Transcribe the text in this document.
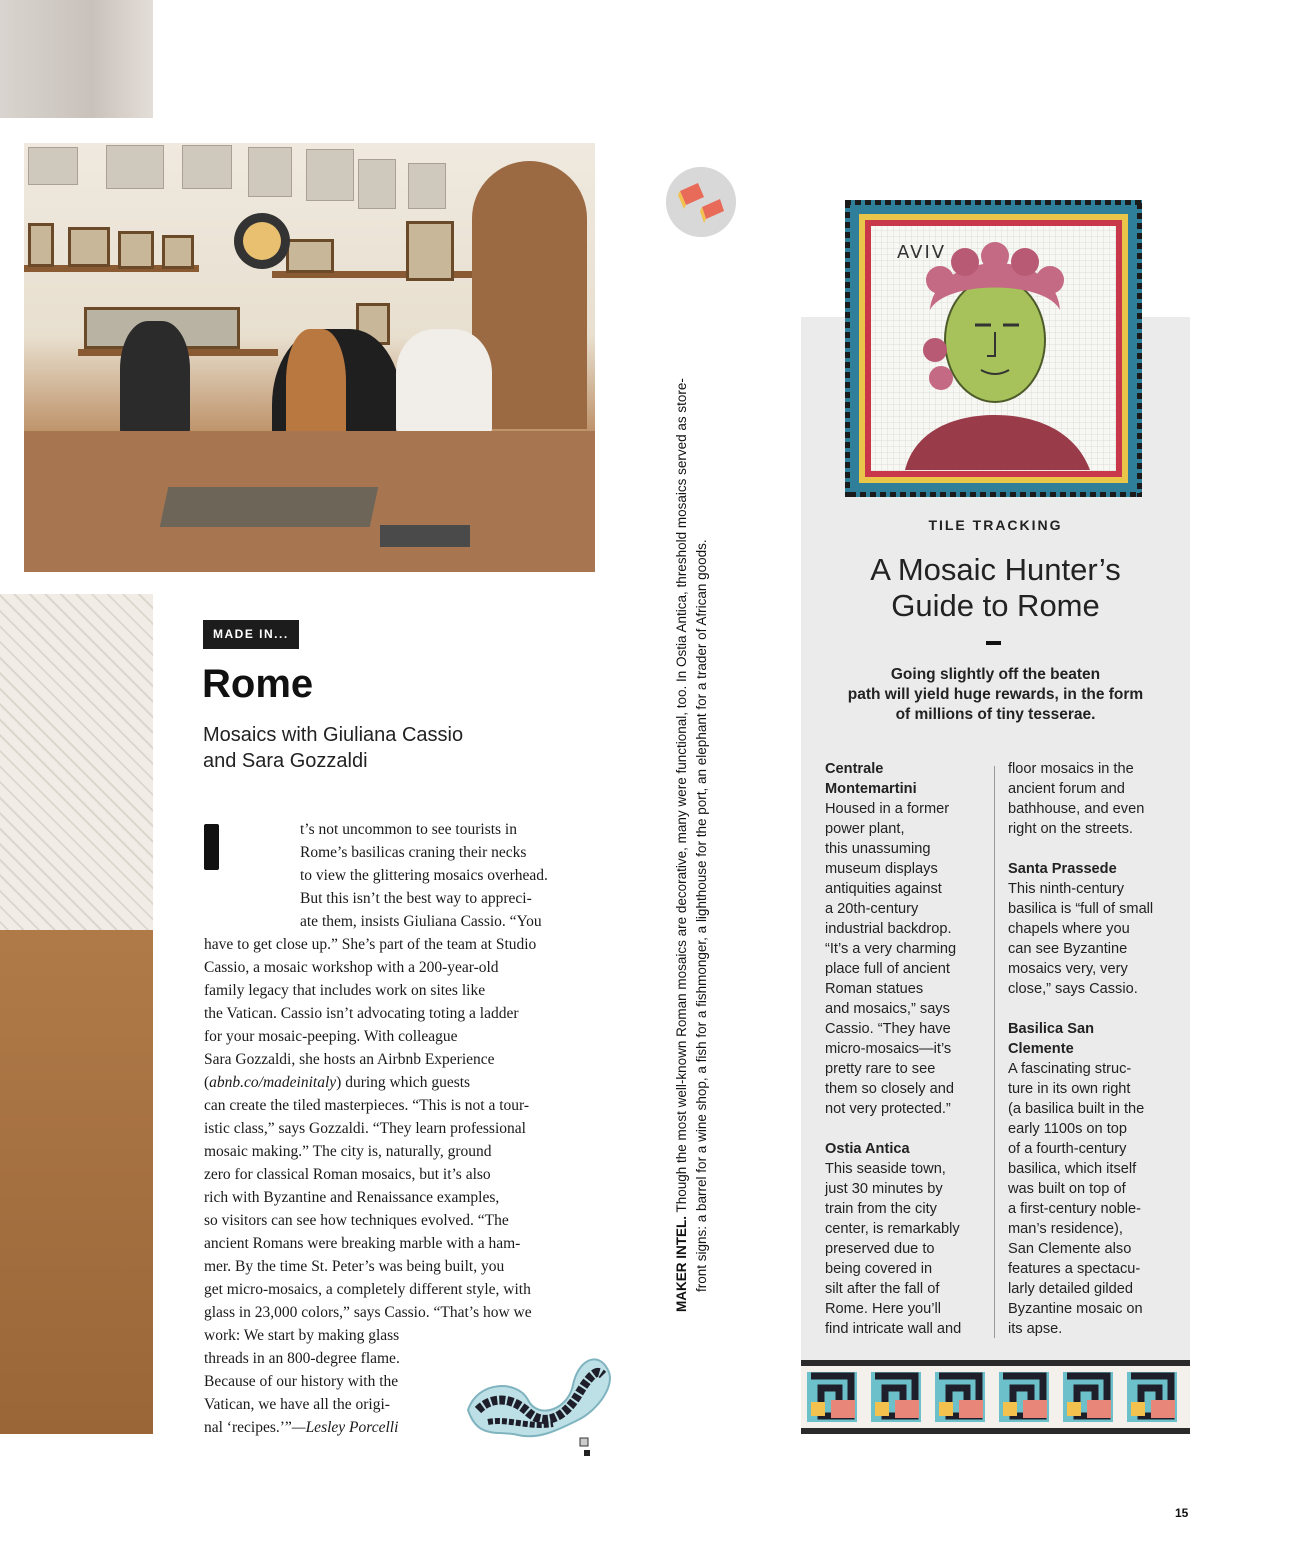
MADE IN...
Rome
Mosaics with Giuliana Cassio
and Sara Gozzaldi
t’s not uncommon to see tourists in
Rome’s basilicas craning their necks
to view the glittering mosaics overhead.
But this isn’t the best way to appreci-
ate them, insists Giuliana Cassio. “You
have to get close up.” She’s part of the team at Studio
Cassio, a mosaic workshop with a 200-year-old
family legacy that includes work on sites like
the Vatican. Cassio isn’t advocating toting a ladder
for your mosaic-peeping. With colleague
Sara Gozzaldi, she hosts an Airbnb Experience
(abnb.co/madeinitaly) during which guests
can create the tiled masterpieces. “This is not a tour-
istic class,” says Gozzaldi. “They learn professional
mosaic making.” The city is, naturally, ground
zero for classical Roman mosaics, but it’s also
rich with Byzantine and Renaissance examples,
so visitors can see how techniques evolved. “The
ancient Romans were breaking marble with a ham-
mer. By the time St. Peter’s was being built, you
get micro-mosaics, a completely different style, with
glass in 23,000 colors,” says Cassio. “That’s how we
work: We start by making glass
threads in an 800-degree flame.
Because of our history with the
Vatican, we have all the origi-
nal ‘recipes.’”—Lesley Porcelli
MAKER INTEL. Though the most well-known Roman mosaics are decorative, many were functional, too. In Ostia Antica, threshold mosaics served as store- front signs: a barrel for a wine shop, a fish for a fishmonger, a lighthouse for the port, an elephant for a trader of African goods.
AVIV
TILE TRACKING
A Mosaic Hunter’s
Guide to Rome
Going slightly off the beaten
path will yield huge rewards, in the form
of millions of tiny tesserae.
Centrale
Montemartini
Housed in a former
power plant,
this unassuming
museum displays
antiquities against
a 20th-century
industrial backdrop.
“It’s a very charming
place full of ancient
Roman statues
and mosaics,” says
Cassio. “They have
micro-mosaics—it’s
pretty rare to see
them so closely and
not very protected.”
Ostia Antica
This seaside town,
just 30 minutes by
train from the city
center, is remarkably
preserved due to
being covered in
silt after the fall of
Rome. Here you’ll
find intricate wall and
floor mosaics in the
ancient forum and
bathhouse, and even
right on the streets.
Santa Prassede
This ninth-century
basilica is “full of small
chapels where you
can see Byzantine
mosaics very, very
close,” says Cassio.
Basilica San
Clemente
A fascinating struc-
ture in its own right
(a basilica built in the
early 1100s on top
of a fourth-century
basilica, which itself
was built on top of
a first-century noble-
man’s residence),
San Clemente also
features a spectacu-
larly detailed gilded
Byzantine mosaic on
its apse.
15
